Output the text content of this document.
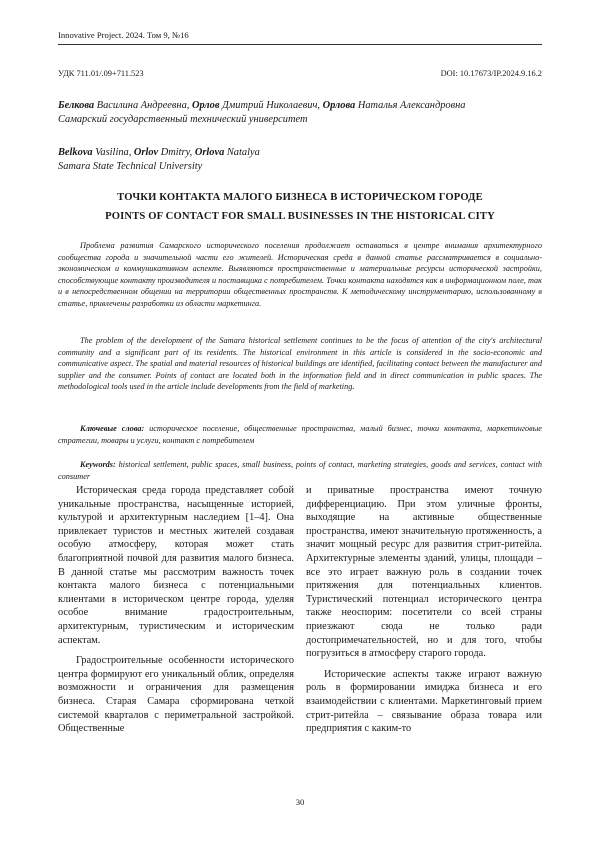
Innovative Project. 2024. Том 9, №16
УДК 711.01/.09+711.523	DOI: 10.17673/IP.2024.9.16.2
Белкова Василина Андреевна, Орлов Дмитрий Николаевич, Орлова Наталья Александровна
Самарский государственный технический университет
Belkova Vasilina, Orlov Dmitry, Orlova Natalya
Samara State Technical University
ТОЧКИ КОНТАКТА МАЛОГО БИЗНЕСА В ИСТОРИЧЕСКОМ ГОРОДЕ
POINTS OF CONTACT FOR SMALL BUSINESSES IN THE HISTORICAL CITY

Проблема развития Самарского исторического поселения продолжает оставаться в центре внимания архитектурного сообщества города и значительной части его жителей. Историческая среда в данной статье рассматривается в социально-экономическом и коммуникативном аспекте. Выявляются пространственные и материальные ресурсы исторической застройки, способствующие контакту производителя и поставщика с потребителем. Точки контакта находятся как в информационном поле, так и в непосредственном общении на территории общественных пространств. К методическому инструментарию, использованному в статье, привлечены разработки из области маркетинга.

The problem of the development of the Samara historical settlement continues to be the focus of attention of the city's architectural community and a significant part of its residents. The historical environment in this article is considered in the socio-economic and communicative aspect. The spatial and material resources of historical buildings are identified, facilitating contact between the manufacturer and supplier and the consumer. Points of contact are located both in the information field and in direct communication in public spaces. The methodological tools used in the article include developments from the field of marketing.

Ключевые слова: историческое поселение, общественные пространства, малый бизнес, точки контакта, маркетинговые стратегии, товары и услуги, контакт с потребителем

Keywords: historical settlement, public spaces, small business, points of contact, marketing strategies, goods and services, contact with consumer

Историческая среда города представляет собой уникальные пространства, насыщенные историей, культурой и архитектурным наследием [1–4]. Она привлекает туристов и местных жителей создавая особую атмосферу, которая может стать благоприятной почвой для развития малого бизнеса. В данной статье мы рассмотрим важность точек контакта малого бизнеса с потенциальными клиентами в историческом центре города, уделяя особое внимание градостроительным, архитектурным, туристическим и историческим аспектам.

Градостроительные особенности исторического центра формируют его уникальный облик, определяя возможности и ограничения для размещения бизнеса. Старая Самара сформирована четкой системой кварталов с периметральной застройкой. Общественные

и приватные пространства имеют точную дифференциацию. При этом уличные фронты, выходящие на активные общественные пространства, имеют значительную протяженность, а значит мощный ресурс для развития стрит-ритейла. Архитектурные элементы зданий, улицы, площади – все это играет важную роль в создании точек притяжения для потенциальных клиентов. Туристический потенциал исторического центра также неоспорим: посетители со всей страны приезжают сюда не только ради достопримечательностей, но и для того, чтобы погрузиться в атмосферу старого города.

Исторические аспекты также играют важную роль в формировании имиджа бизнеса и его взаимодействии с клиентами. Маркетинговый прием стрит-ритейла – связывание образа товара или предприятия с каким-то

30
